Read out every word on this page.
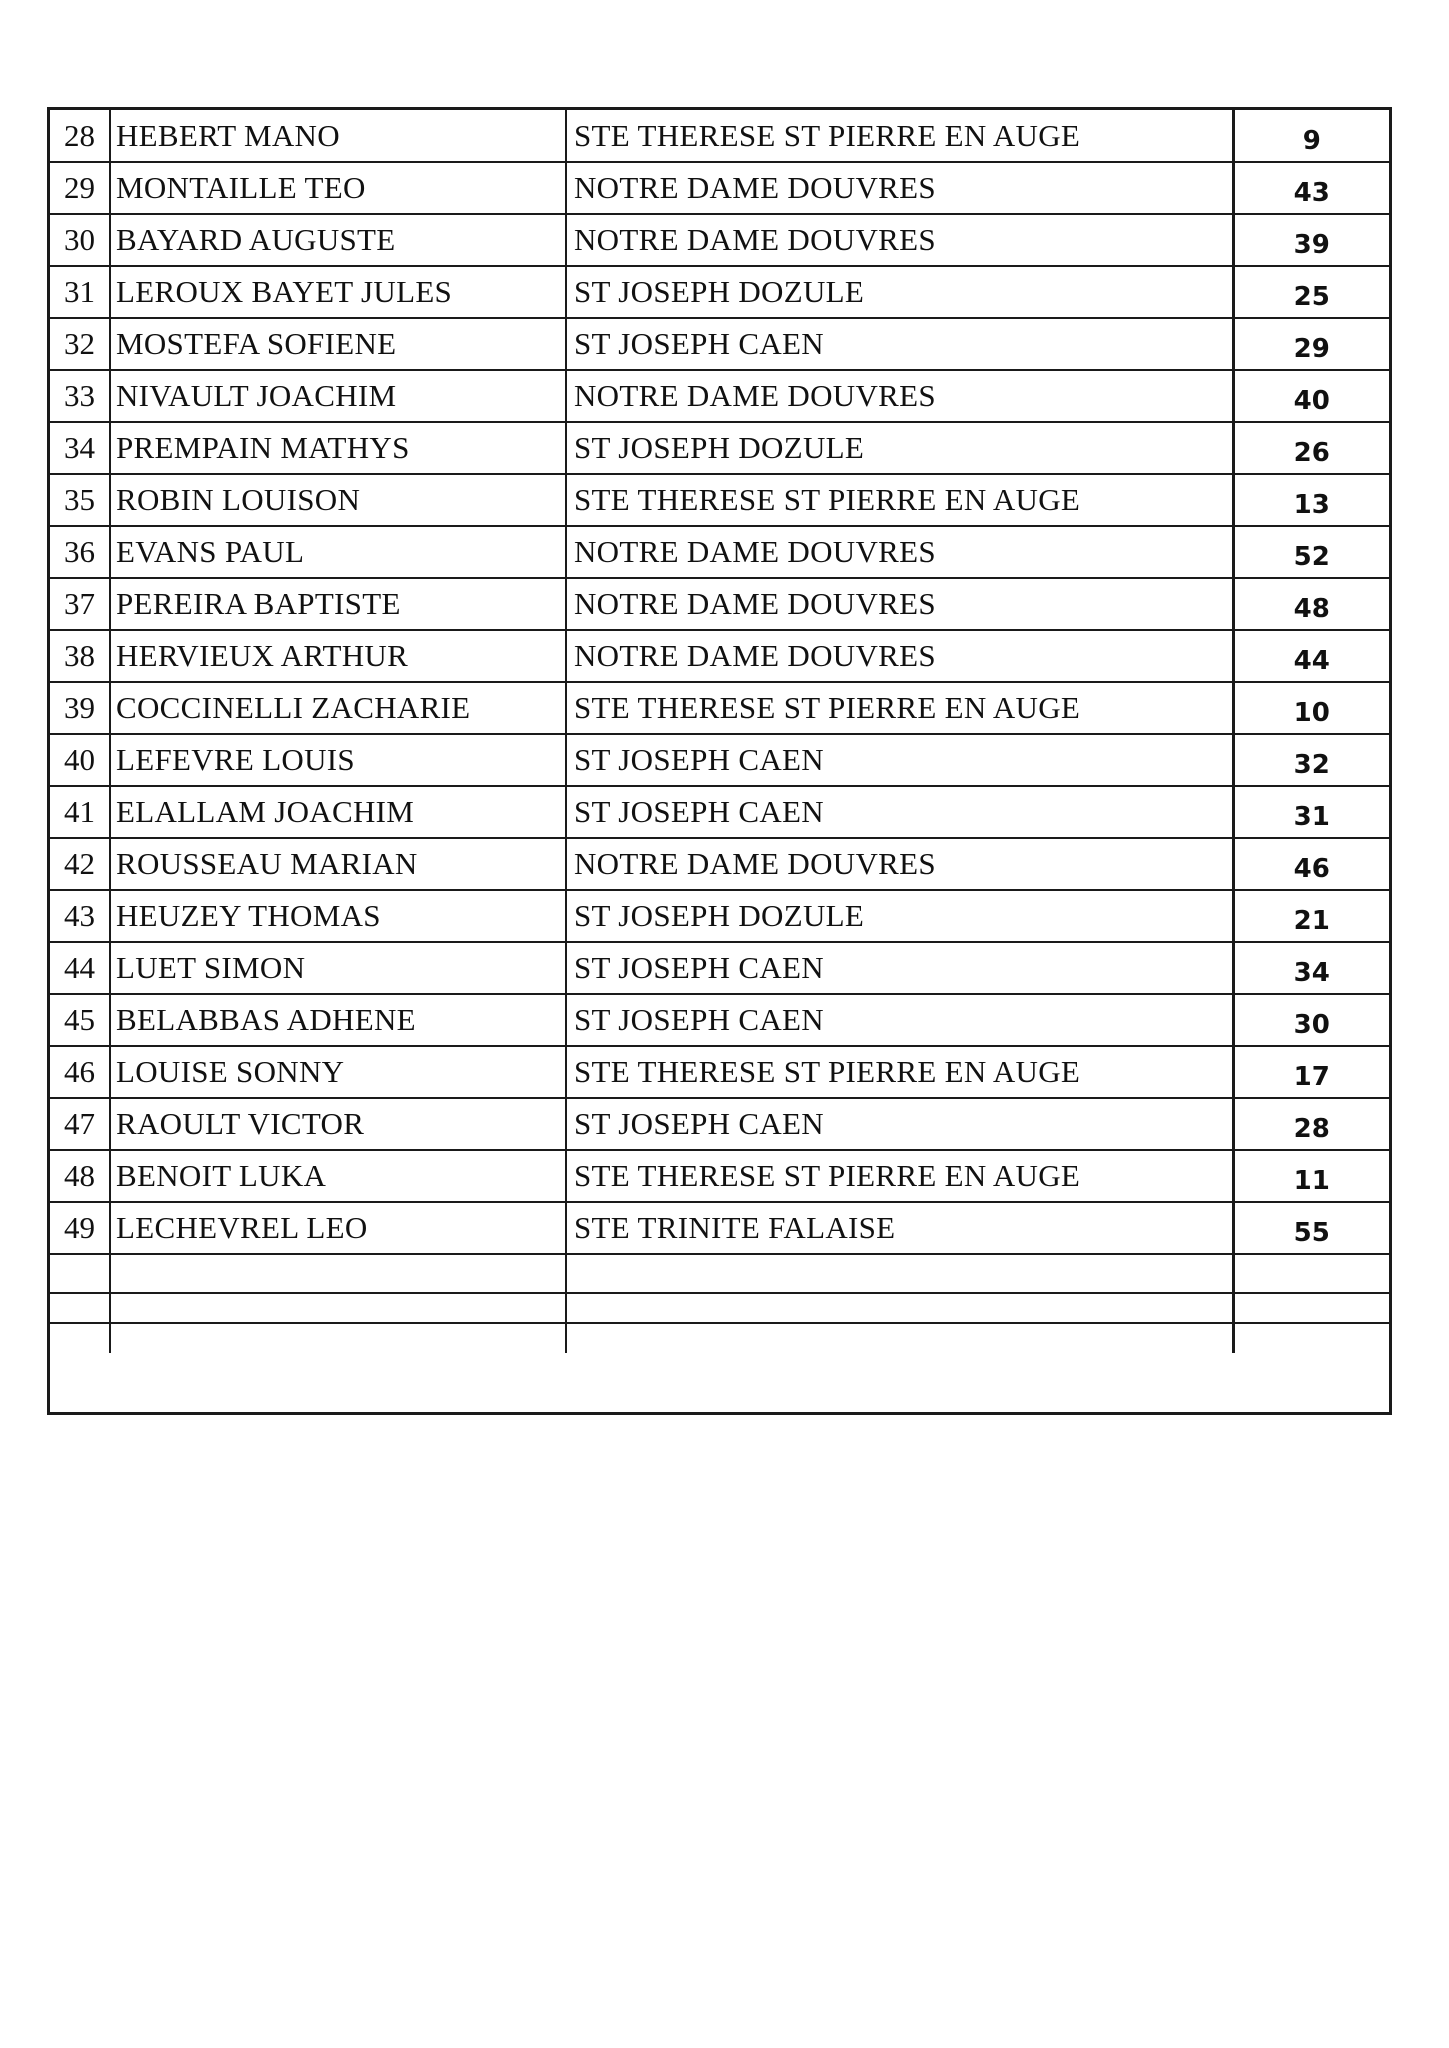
28	HEBERT MANO	STE THERESE ST PIERRE EN AUGE	9
29	MONTAILLE TEO	NOTRE DAME DOUVRES	43
30	BAYARD AUGUSTE	NOTRE DAME DOUVRES	39
31	LEROUX BAYET JULES	ST JOSEPH DOZULE	25
32	MOSTEFA SOFIENE	ST JOSEPH CAEN	29
33	NIVAULT JOACHIM	NOTRE DAME DOUVRES	40
34	PREMPAIN MATHYS	ST JOSEPH DOZULE	26
35	ROBIN LOUISON	STE THERESE ST PIERRE EN AUGE	13
36	EVANS PAUL	NOTRE DAME DOUVRES	52
37	PEREIRA BAPTISTE	NOTRE DAME DOUVRES	48
38	HERVIEUX ARTHUR	NOTRE DAME DOUVRES	44
39	COCCINELLI ZACHARIE	STE THERESE ST PIERRE EN AUGE	10
40	LEFEVRE LOUIS	ST JOSEPH CAEN	32
41	ELALLAM JOACHIM	ST JOSEPH CAEN	31
42	ROUSSEAU MARIAN	NOTRE DAME DOUVRES	46
43	HEUZEY THOMAS	ST JOSEPH DOZULE	21
44	LUET SIMON	ST JOSEPH CAEN	34
45	BELABBAS ADHENE	ST JOSEPH CAEN	30
46	LOUISE SONNY	STE THERESE ST PIERRE EN AUGE	17
47	RAOULT VICTOR	ST JOSEPH CAEN	28
48	BENOIT LUKA	STE THERESE ST PIERRE EN AUGE	11
49	LECHEVREL LEO	STE TRINITE FALAISE	55
